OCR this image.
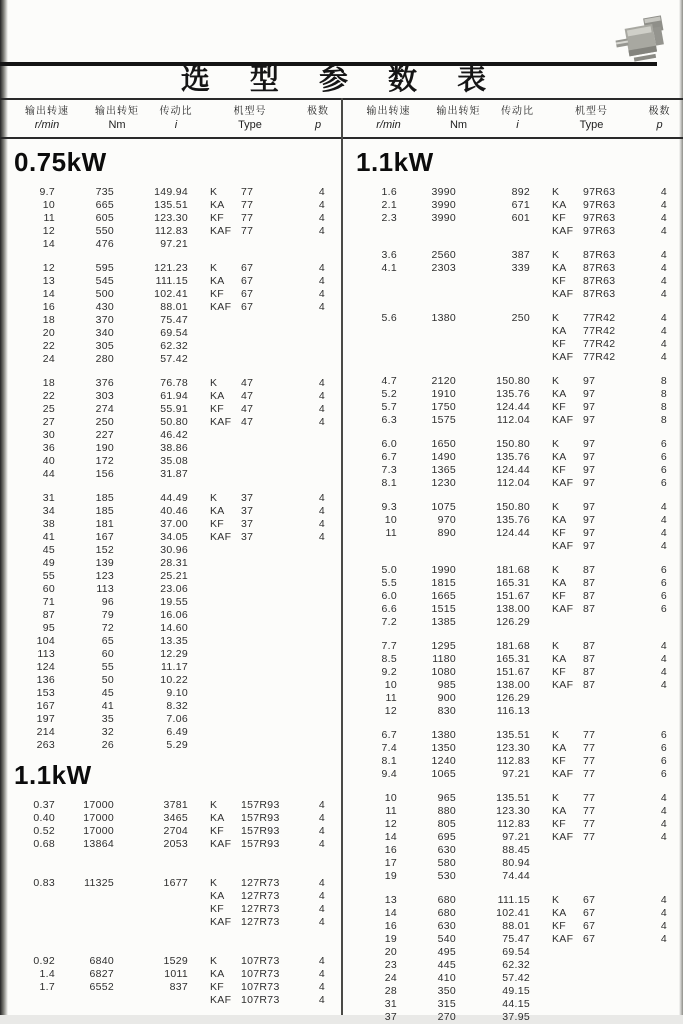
选 型 参 数 表
输出转速
r/min
输出转矩
Nm
传动比
i
机型号
Type
极数
p
输出转速
r/min
输出转矩
Nm
传动比
i
机型号
Type
极数
p
0.75kW
9.7	735	149.94 K	77	4
10	665	135.51 KA	77	4
11	605	123.30 KF	77	4
12	550	112.83 KAF 77	4
14	476	97.21
12	595	121.23 K	67	4
13	545	111.15 KA	67	4
14	500	102.41 KF	67	4
16	430	88.01 KAF 67	4
18	370	75.47
20	340	69.54
22	305	62.32
24	280	57.42
18	376	76.78 K	47	4
22	303	61.94 KA	47	4
25	274	55.91 KF	47	4
27	250	50.80 KAF 47	4
30	227	46.42
36	190	38.86
40	172	35.08
44	156	31.87
31	185	44.49 K	37	4
34	185	40.46 KA	37	4
38	181	37.00 KF	37	4
41	167	34.05 KAF 37	4
45	152	30.96
49	139	28.31
55	123	25.21
60	113	23.06
71	96	19.55
87	79	16.06
95	72	14.60
104	65	13.35
113	60	12.29
124	55	11.17
136	50	10.22
153	45	9.10
167	41	8.32
197	35	7.06
214	32	6.49
263	26	5.29
1.1kW
0.37	17000	3781 K	157R93	4
0.40	17000	3465 KA	157R93	4
0.52	17000	2704 KF	157R93	4
0.68	13864	2053 KAF 157R93	4
0.83	11325	1677 K	127R73	4
KA	127R73	4
KF	127R73	4
KAF 127R73	4
0.92	6840	1529 K	107R73	4
1.4	6827	1011 KA	107R73	4
1.7	6552	837 KF	107R73	4
KAF 107R73	4
1.1kW
1.6	3990	892 K	97R63	4
2.1	3990	671 KA	97R63	4
2.3	3990	601 KF	97R63	4
KAF 97R63	4
3.6	2560	387 K	87R63	4
4.1	2303	339 KA	87R63	4
KF	87R63	4
KAF 87R63	4
5.6	1380	250 K	77R42	4
KA	77R42	4
KF	77R42	4
KAF 77R42	4
4.7	2120	150.80 K	97	8
5.2	1910	135.76 KA	97	8
5.7	1750	124.44 KF	97	8
6.3	1575	112.04 KAF 97	8
6.0	1650	150.80 K	97	6
6.7	1490	135.76 KA	97	6
7.3	1365	124.44 KF	97	6
8.1	1230	112.04 KAF 97	6
9.3	1075	150.80 K	97	4
10	970	135.76 KA	97	4
11	890	124.44 KF	97	4
KAF 97	4
5.0	1990	181.68 K	87	6
5.5	1815	165.31 KA	87	6
6.0	1665	151.67 KF	87	6
6.6	1515	138.00 KAF 87	6
7.2	1385	126.29
7.7	1295	181.68 K	87	4
8.5	1180	165.31 KA	87	4
9.2	1080	151.67 KF	87	4
10	985	138.00 KAF 87	4
11	900	126.29
12	830	116.13
6.7	1380	135.51 K	77	6
7.4	1350	123.30 KA	77	6
8.1	1240	112.83 KF	77	6
9.4	1065	97.21 KAF 77	6
10	965	135.51 K	77	4
11	880	123.30 KA	77	4
12	805	112.83 KF	77	4
14	695	97.21 KAF 77	4
16	630	88.45
17	580	80.94
19	530	74.44
13	680	111.15 K	67	4
14	680	102.41 KA	67	4
16	630	88.01 KF	67	4
19	540	75.47 KAF 67	4
20	495	69.54
23	445	62.32
24	410	57.42
28	350	49.15
31	315	44.15
37	270	37.95
